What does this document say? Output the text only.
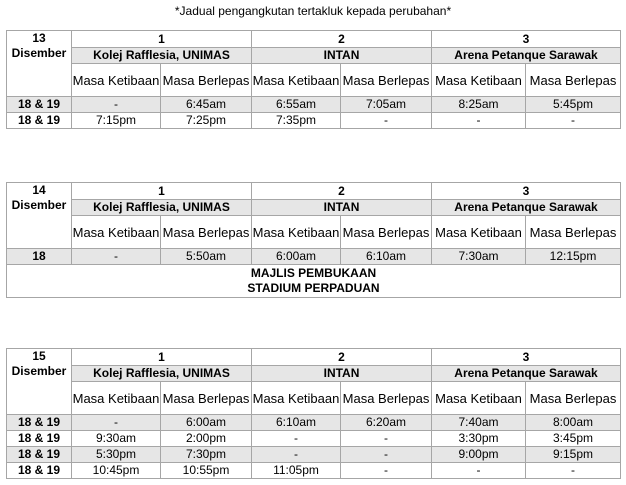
*Jadual pengangkutan tertakluk kepada perubahan*
13
Disember	1		2		3	
	Kolej Rafflesia, UNIMAS		INTAN		Arena Petanque Sarawak	
	Masa Ketibaan	Masa Berlepas	Masa Ketibaan	Masa Berlepas	Masa Ketibaan	Masa Berlepas
18 & 19	-	6:45am	6:55am	7:05am	8:25am	5:45pm
18 & 19	7:15pm	7:25pm	7:35pm	-	-	-
14
Disember	1		2		3	
	Kolej Rafflesia, UNIMAS		INTAN		Arena Petanque Sarawak	
	Masa Ketibaan	Masa Berlepas	Masa Ketibaan	Masa Berlepas	Masa Ketibaan	Masa Berlepas
18	-	5:50am	6:00am	6:10am	7:30am	12:15pm
MAJLIS PEMBUKAAN
STADIUM PERPADUAN						
15
Disember	1		2		3	
	Kolej Rafflesia, UNIMAS		INTAN		Arena Petanque Sarawak	
	Masa Ketibaan	Masa Berlepas	Masa Ketibaan	Masa Berlepas	Masa Ketibaan	Masa Berlepas
18 & 19	-	6:00am	6:10am	6:20am	7:40am	8:00am
18 & 19	9:30am	2:00pm	-	-	3:30pm	3:45pm
18 & 19	5:30pm	7:30pm	-	-	9:00pm	9:15pm
18 & 19	10:45pm	10:55pm	11:05pm	-	-	-
